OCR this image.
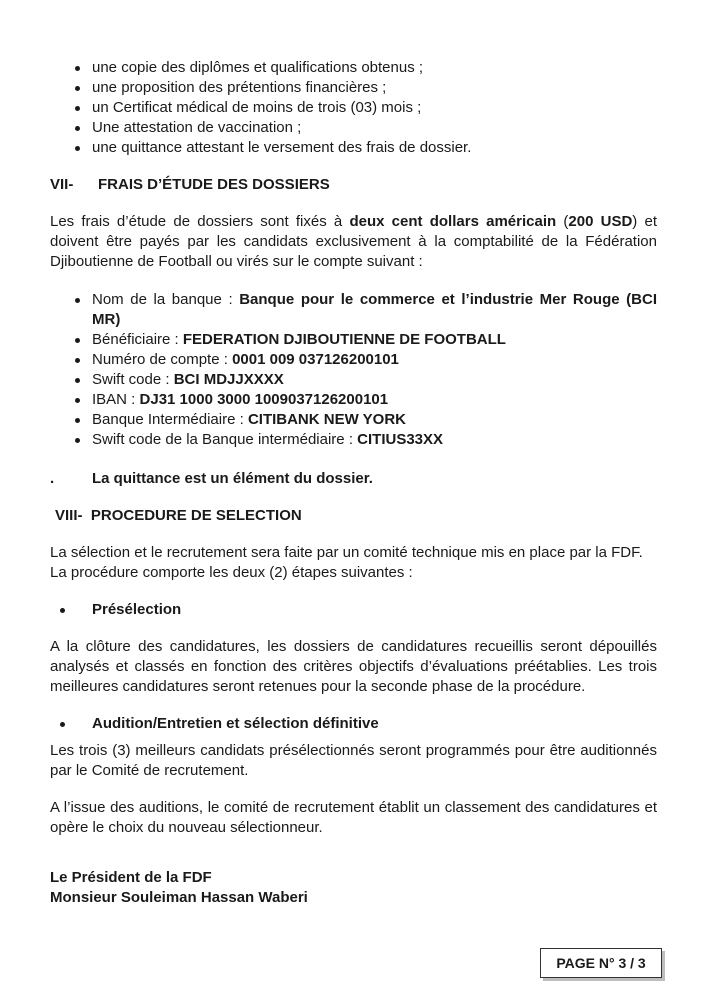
une copie des diplômes et qualifications obtenus ;
une proposition des prétentions financières ;
un Certificat médical de moins de trois (03) mois ;
Une attestation de vaccination ;
une quittance attestant le versement des frais de dossier.

VII- FRAIS D’ÉTUDE DES DOSSIERS

Les frais d’étude de dossiers sont fixés à deux cent dollars américain (200 USD) et doivent être payés par les candidats exclusivement à la comptabilité de la Fédération Djiboutienne de Football ou virés sur le compte suivant :

Nom de la banque : Banque pour le commerce et l’industrie Mer Rouge (BCI MR)
Bénéficiaire : FEDERATION DJIBOUTIENNE DE FOOTBALL
Numéro de compte : 0001 009 037126200101
Swift code : BCI MDJJXXXX
IBAN : DJ31 1000 3000 1009037126200101
Banque Intermédiaire : CITIBANK NEW YORK
Swift code de la Banque intermédiaire : CITIUS33XX

.	La quittance est un élément du dossier.

VIII- PROCEDURE DE SELECTION

La sélection et le recrutement sera faite par un comité technique mis en place par la FDF. La procédure comporte les deux (2) étapes suivantes :

Présélection

A la clôture des candidatures, les dossiers de candidatures recueillis seront dépouillés analysés et classés en fonction des critères objectifs d’évaluations préétablies. Les trois meilleures candidatures seront retenues pour la seconde phase de la procédure.

Audition/Entretien et sélection définitive

Les trois (3) meilleurs candidats présélectionnés seront programmés pour être auditionnés par le Comité de recrutement.

A l’issue des auditions, le comité de recrutement établit un classement des candidatures et opère le choix du nouveau sélectionneur.

Le Président de la FDF

Monsieur Souleiman Hassan Waberi

PAGE N° 3 / 3
